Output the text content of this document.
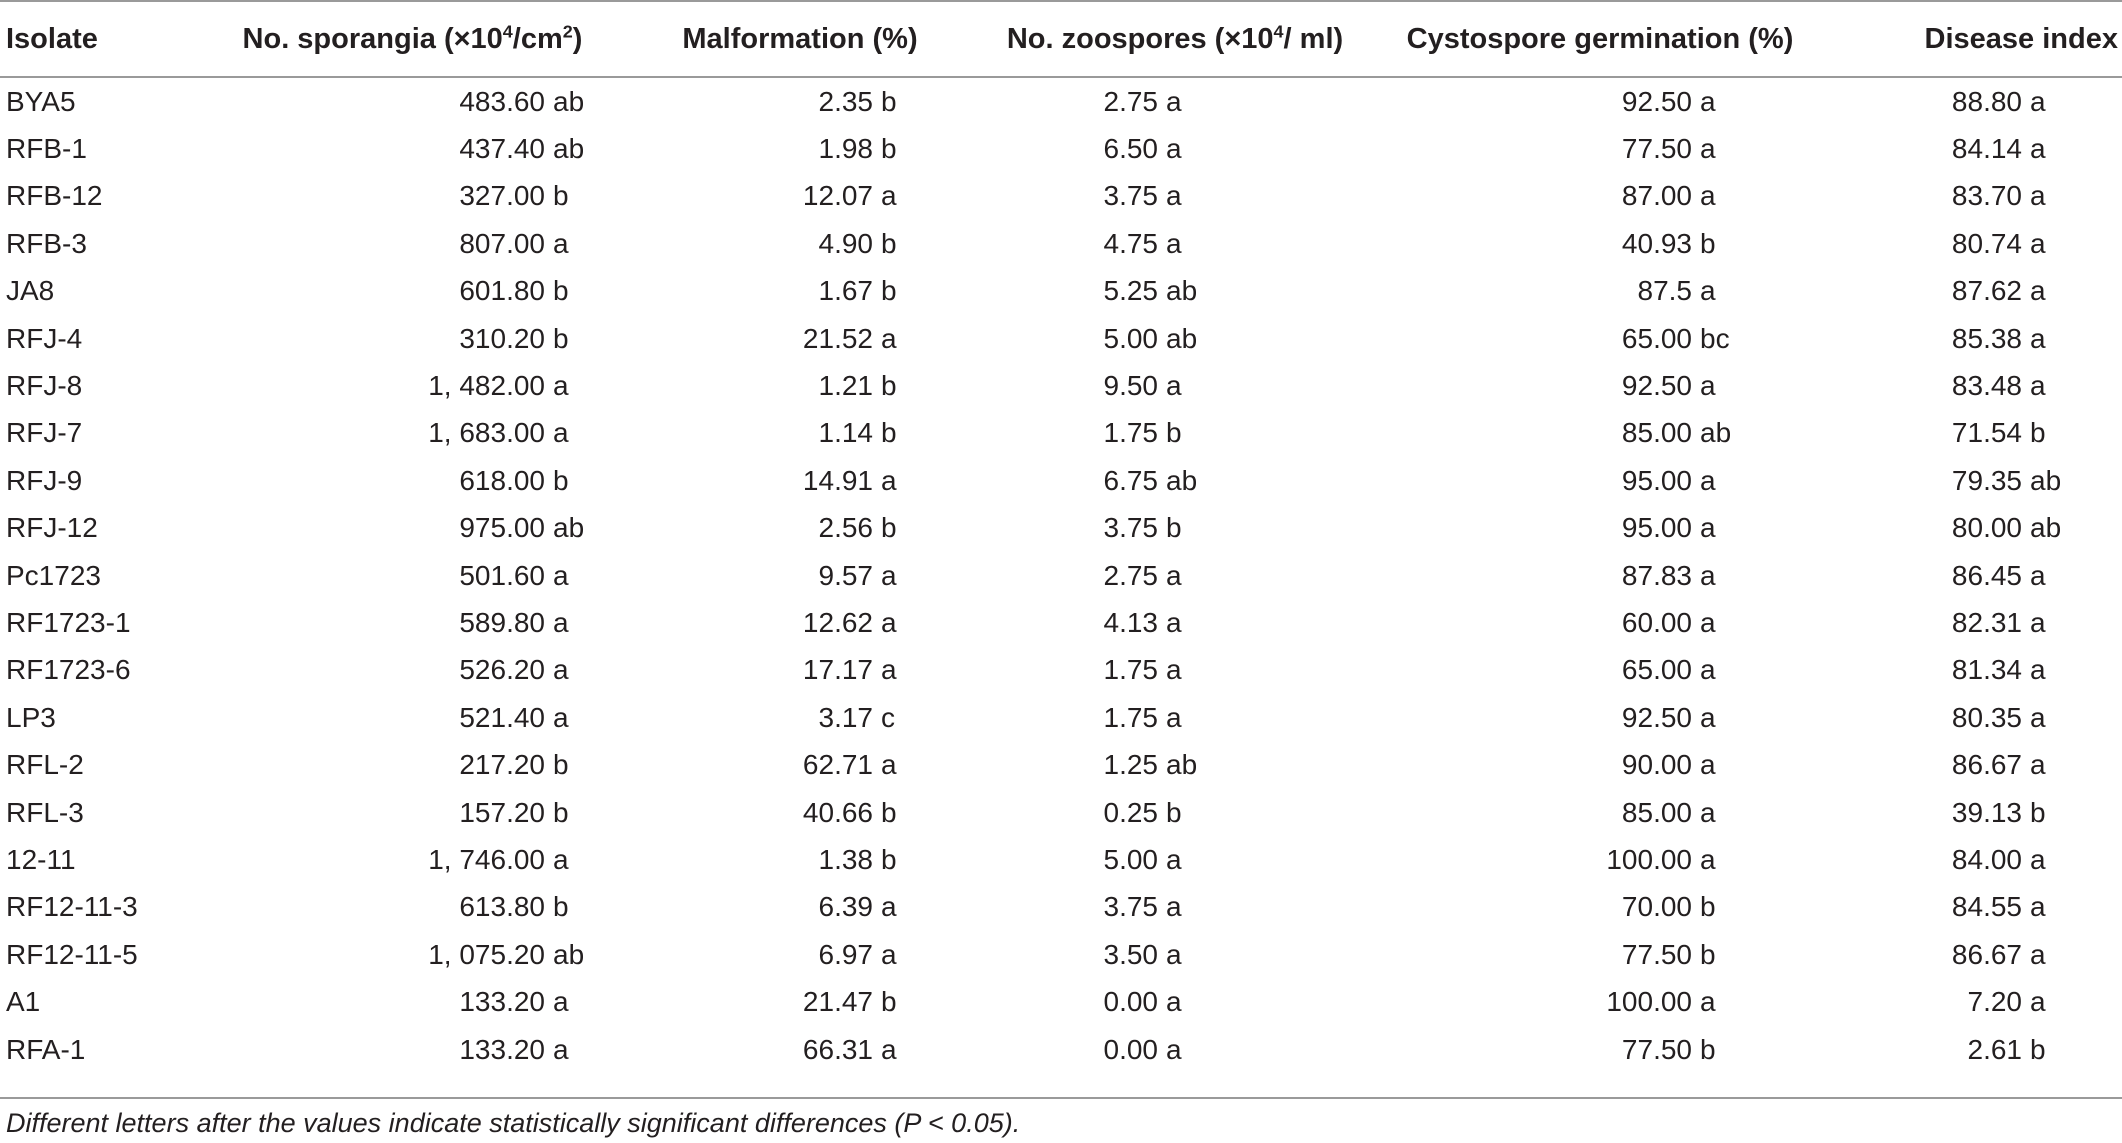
Isolate	No. sporangia $(\times 10^4/cm^2)$	Malformation (%)	No. zoospores ($\times 10^4/$ ml)	Cystospore germination (%)	Disease index
BYA5	483.60 ab	2.35 b	2.75 a	92.50 a	88.80 a
RFB-1	437.40 ab	1.98 b	6.50 a	77.50 a	84.14 a
RFB-12	327.00 b	12.07 a	3.75 a	87.00 a	83.70 a
RFB-3	807.00 a	4.90 b	4.75 a	40.93 b	80.74 a
JA8	601.80 b	1.67 b	5.25 ab	87.5 a	87.62 a
RFJ-4	310.20 b	21.52 a	5.00 ab	65.00 bc	85.38 a
RFJ-8	1, 482.00 a	1.21 b	9.50 a	92.50 a	83.48 a
RFJ-7	1, 683.00 a	1.14 b	1.75 b	85.00 ab	71.54 b
RFJ-9	618.00 b	14.91 a	6.75 ab	95.00 a	79.35 ab
RFJ-12	975.00 ab	2.56 b	3.75 b	95.00 a	80.00 ab
Pc1723	501.60 a	9.57 a	2.75 a	87.83 a	86.45 a
RF1723-1	589.80 a	12.62 a	4.13 a	60.00 a	82.31 a
RF1723-6	526.20 a	17.17 a	1.75 a	65.00 a	81.34 a
LP3	521.40 a	3.17 c	1.75 a	92.50 a	80.35 a
RFL-2	217.20 b	62.71 a	1.25 ab	90.00 a	86.67 a
RFL-3	157.20 b	40.66 b	0.25 b	85.00 a	39.13 b
12-11	1, 746.00 a	1.38 b	5.00 a	100.00 a	84.00 a
RF12-11-3	613.80 b	6.39 a	3.75 a	70.00 b	84.55 a
RF12-11-5	1, 075.20 ab	6.97 a	3.50 a	77.50 b	86.67 a
A1	133.20 a	21.47 b	0.00 a	100.00 a	7.20 a
RFA-1	133.20 a	66.31 a	0.00 a	77.50 b	2.61 b
Different letters after the values indicate statistically significant differences (P < 0.05).
